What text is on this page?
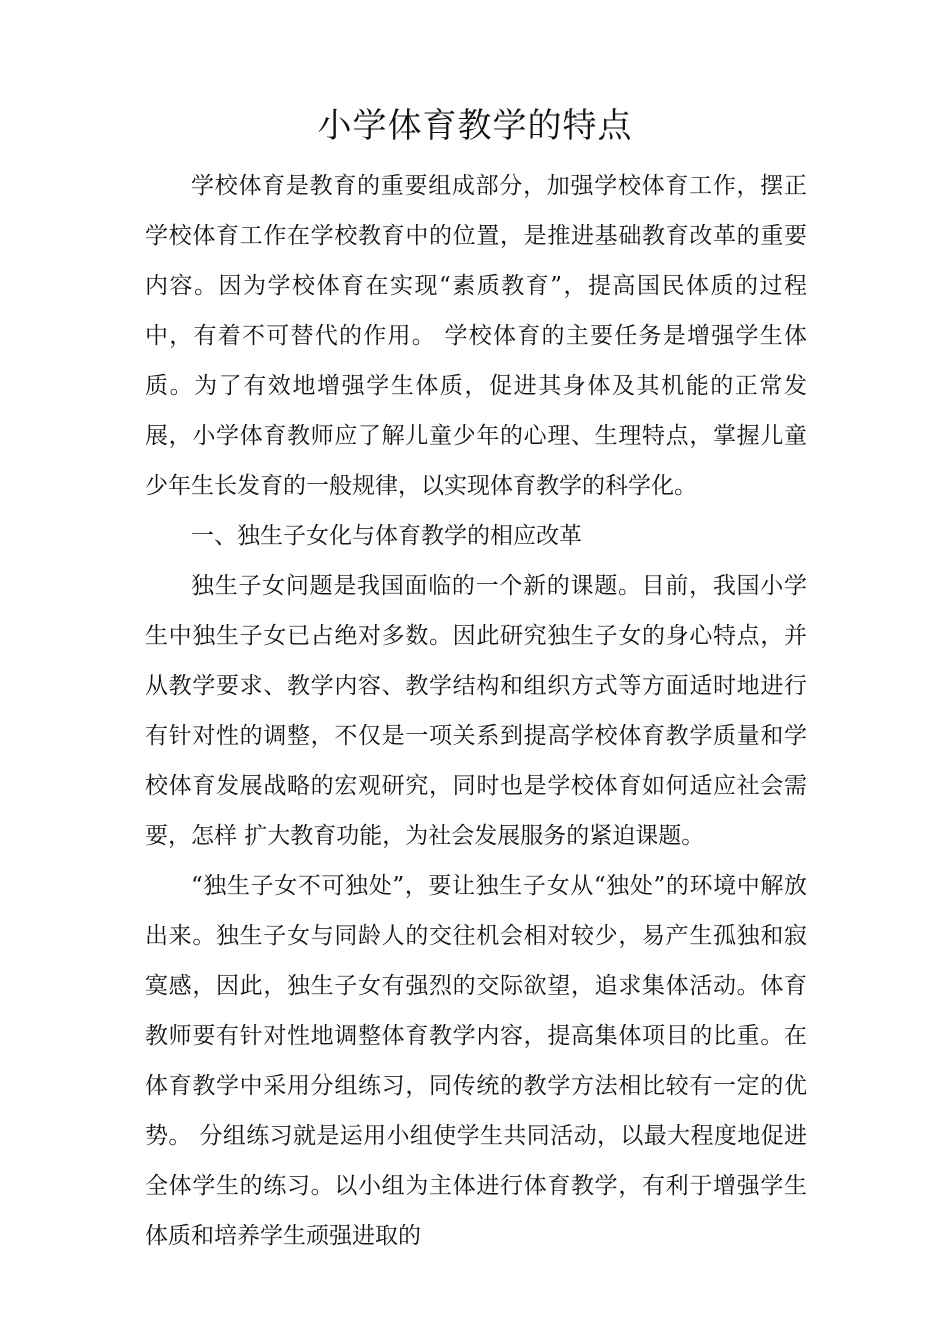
小学体育教学的特点

学校体育是教育的重要组成部分，加强学校体育工作，摆正学校体育工作在学校教育中的位置，是推进基础教育改革的重要内容。因为学校体育在实现“素质教育”，提高国民体质的过程中，有着不可替代的作用。 学校体育的主要任务是增强学生体质。为了有效地增强学生体质，促进其身体及其机能的正常发展，小学体育教师应了解儿童少年的心理、生理特点，掌握儿童少年生长发育的一般规律，以实现体育教学的科学化。

一、独生子女化与体育教学的相应改革

独生子女问题是我国面临的一个新的课题。目前，我国小学生中独生子女已占绝对多数。因此研究独生子女的身心特点，并从教学要求、教学内容、教学结构和组织方式等方面适时地进行有针对性的调整，不仅是一项关系到提高学校体育教学质量和学校体育发展战略的宏观研究，同时也是学校体育如何适应社会需要，怎样 扩大教育功能，为社会发展服务的紧迫课题。

“独生子女不可独处”，要让独生子女从“独处”的环境中解放出来。独生子女与同龄人的交往机会相对较少，易产生孤独和寂寞感，因此，独生子女有强烈的交际欲望，追求集体活动。体育教师要有针对性地调整体育教学内容，提高集体项目的比重。在体育教学中采用分组练习，同传统的教学方法相比较有一定的优势。 分组练习就是运用小组使学生共同活动，以最大程度地促进全体学生的练习。以小组为主体进行体育教学，有利于增强学生体质和培养学生顽强进取的
